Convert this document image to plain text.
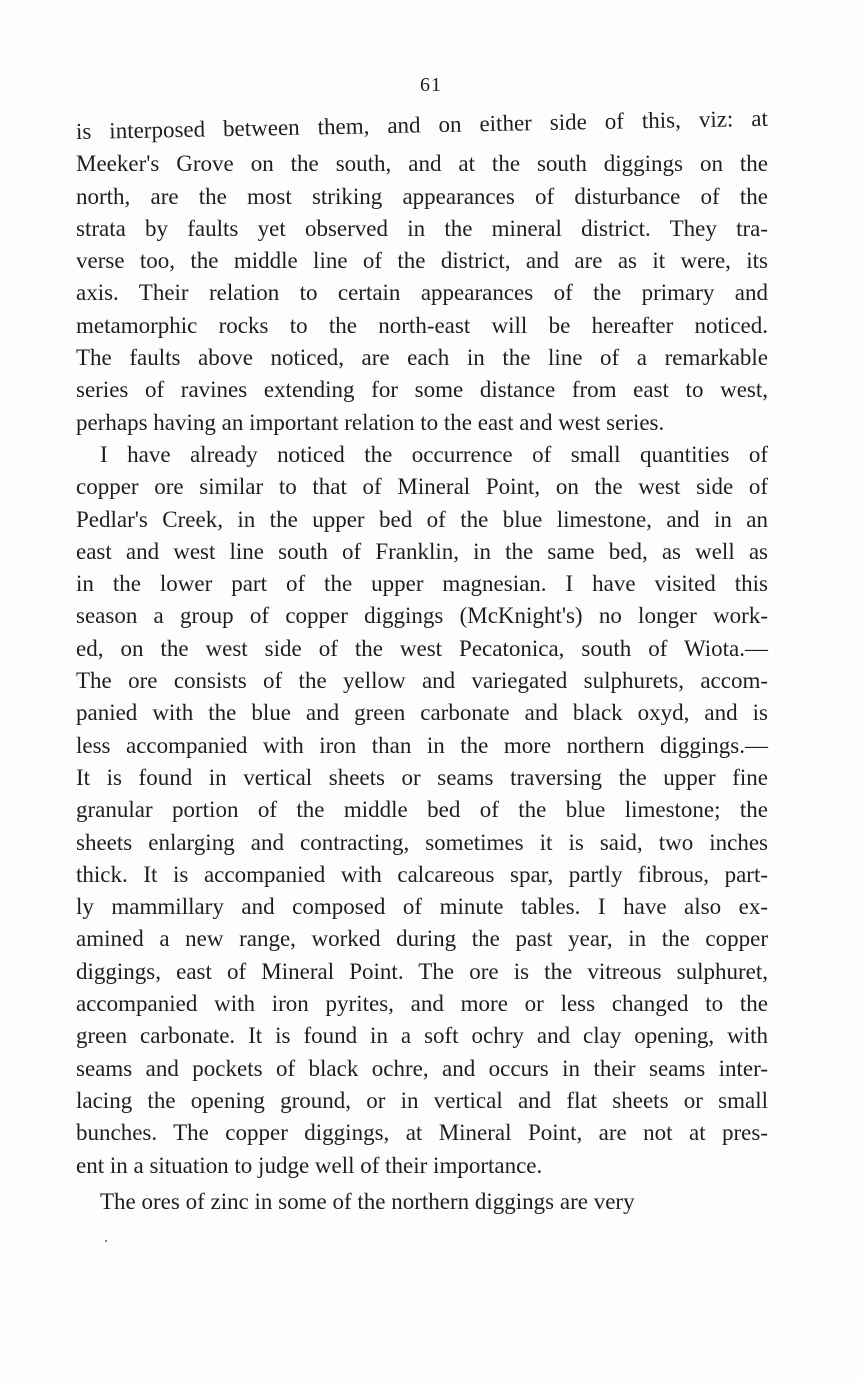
61
is interposed between them, and on either side of this, viz: at
Meeker's Grove on the south, and at the south diggings on the
north, are the most striking appearances of disturbance of the
strata by faults yet observed in the mineral district. They tra-
verse too, the middle line of the district, and are as it were, its
axis. Their relation to certain appearances of the primary and
metamorphic rocks to the north-east will be hereafter noticed.
The faults above noticed, are each in the line of a remarkable
series of ravines extending for some distance from east to west,
perhaps having an important relation to the east and west series.
I have already noticed the occurrence of small quantities of
copper ore similar to that of Mineral Point, on the west side of
Pedlar's Creek, in the upper bed of the blue limestone, and in an
east and west line south of Franklin, in the same bed, as well as
in the lower part of the upper magnesian. I have visited this
season a group of copper diggings (McKnight's) no longer work-
ed, on the west side of the west Pecatonica, south of Wiota.—
The ore consists of the yellow and variegated sulphurets, accom-
panied with the blue and green carbonate and black oxyd, and is
less accompanied with iron than in the more northern diggings.—
It is found in vertical sheets or seams traversing the upper fine
granular portion of the middle bed of the blue limestone; the
sheets enlarging and contracting, sometimes it is said, two inches
thick. It is accompanied with calcareous spar, partly fibrous, part-
ly mammillary and composed of minute tables. I have also ex-
amined a new range, worked during the past year, in the copper
diggings, east of Mineral Point. The ore is the vitreous sulphuret,
accompanied with iron pyrites, and more or less changed to the
green carbonate. It is found in a soft ochry and clay opening, with
seams and pockets of black ochre, and occurs in their seams inter-
lacing the opening ground, or in vertical and flat sheets or small
bunches. The copper diggings, at Mineral Point, are not at pres-
ent in a situation to judge well of their importance.
The ores of zinc in some of the northern diggings are very
